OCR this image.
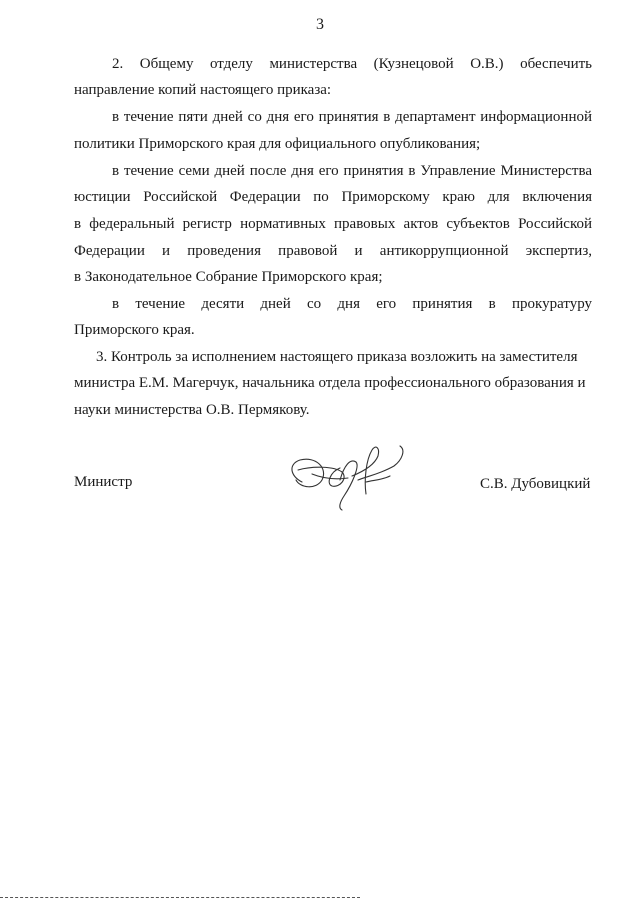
3
2. Общему отделу министерства (Кузнецовой О.В.) обеспечить
направление копий настоящего приказа:
в течение пяти дней со дня его принятия в департамент информационной
политики Приморского края для официального опубликования;
в течение семи дней после дня его принятия в Управление Министерства
юстиции Российской Федерации по Приморскому краю для включения
в федеральный регистр нормативных правовых актов субъектов Российской
Федерации и проведения правовой и антикоррупционной экспертиз,
в Законодательное Собрание Приморского края;
в течение десяти дней со дня его принятия в прокуратуру
Приморского края.
3. Контроль за исполнением настоящего приказа возложить на заместителя
министра Е.М. Магерчук, начальника отдела профессионального образования и
науки министерства О.В. Пермякову.
Министр	С.В. Дубовицкий
